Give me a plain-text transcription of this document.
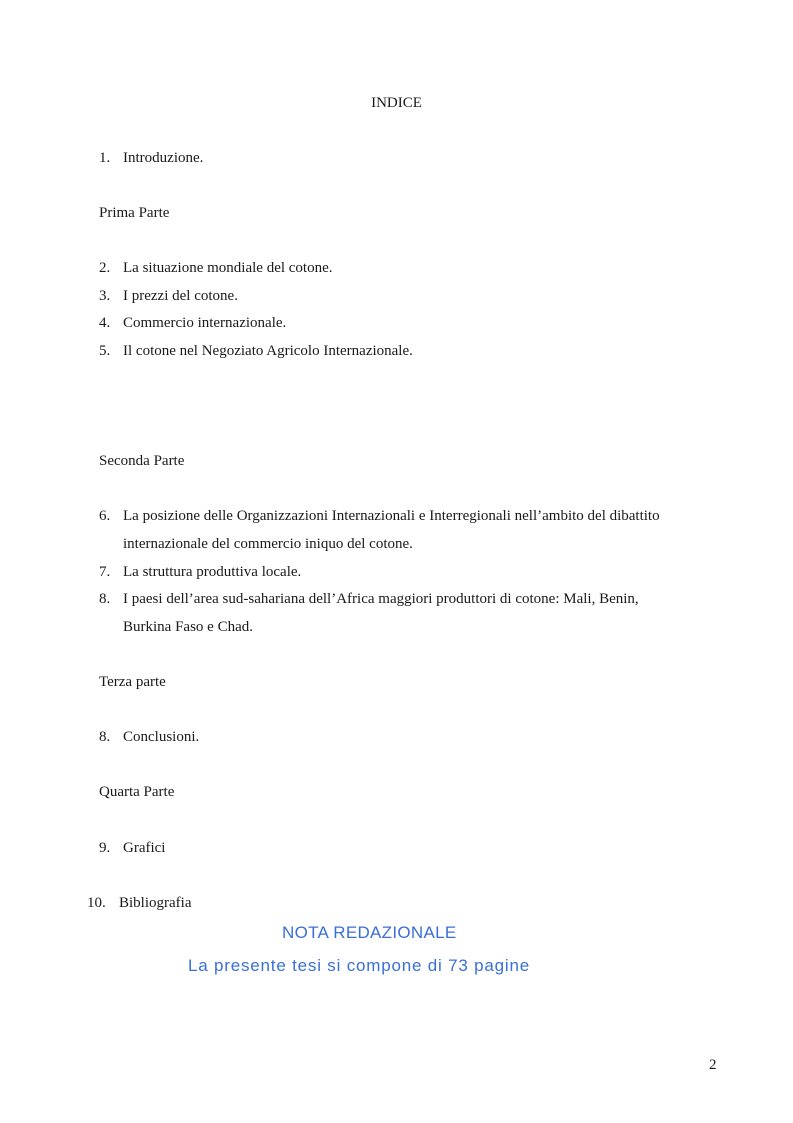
INDICE
1. Introduzione.
Prima Parte
2. La situazione mondiale del cotone.
3. I prezzi del cotone.
4. Commercio internazionale.
5. Il cotone nel Negoziato Agricolo Internazionale.
Seconda Parte
6. La posizione delle Organizzazioni Internazionali e Interregionali nell’ambito del dibattito
internazionale del commercio iniquo del cotone.
7. La struttura produttiva locale.
8. I paesi dell’area sud-sahariana dell’Africa maggiori produttori di cotone: Mali, Benin,
Burkina Faso e Chad.
Terza parte
8. Conclusioni.
Quarta Parte
9. Grafici
10. Bibliografia
NOTA REDAZIONALE
La presente tesi si compone di 73 pagine
2
